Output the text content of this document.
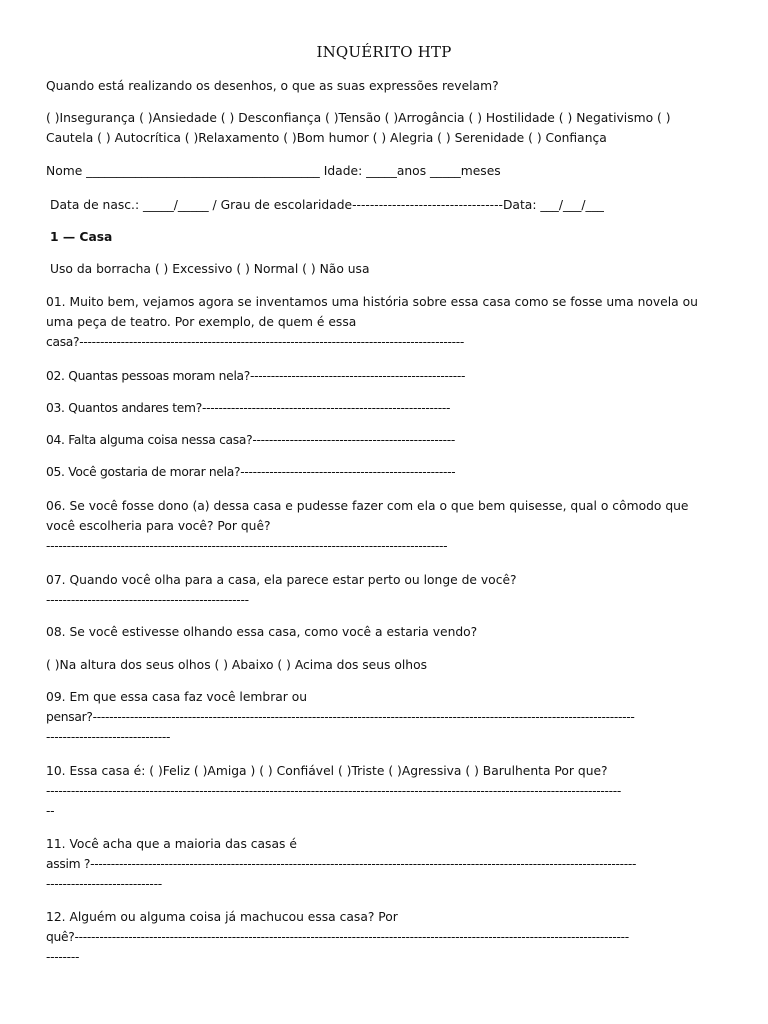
INQUÉRITO HTP
Quando está realizando os desenhos, o que as suas expressões revelam?
( )Insegurança ( )Ansiedade ( ) Desconfiança ( )Tensão ( )Arrogância ( ) Hostilidade ( ) Negativismo ( )
Cautela ( ) Autocrítica ( )Relaxamento ( )Bom humor ( ) Alegria ( ) Serenidade ( ) Confiança
Nome ______________________________________ Idade: _____anos _____meses
Data de nasc.: _____/_____ / Grau de escolaridade----------------------------------Data: ___/___/___
1 — Casa
Uso da borracha ( ) Excessivo ( ) Normal ( ) Não usa
01. Muito bem, vejamos agora se inventamos uma história sobre essa casa como se fosse uma novela ou
uma peça de teatro. Por exemplo, de quem é essa
casa?---------------------------------------------------------------------------------------------
02. Quantas pessoas moram nela?----------------------------------------------------
03. Quantos andares tem?------------------------------------------------------------
04. Falta alguma coisa nessa casa?-------------------------------------------------
05. Você gostaria de morar nela?----------------------------------------------------
06. Se você fosse dono (a) dessa casa e pudesse fazer com ela o que bem quisesse, qual o cômodo que
você escolheria para você? Por quê?
-------------------------------------------------------------------------------------------------
07. Quando você olha para a casa, ela parece estar perto ou longe de você?
-------------------------------------------------
08. Se você estivesse olhando essa casa, como você a estaria vendo?
( )Na altura dos seus olhos ( ) Abaixo ( ) Acima dos seus olhos
09. Em que essa casa faz você lembrar ou
pensar?-----------------------------------------------------------------------------------------------------------------------------------
------------------------------
10. Essa casa é: ( )Feliz ( )Amiga ) ( ) Confiável ( )Triste ( )Agressiva ( ) Barulhenta Por que?
-------------------------------------------------------------------------------------------------------------------------------------------
--
11. Você acha que a maioria das casas é
assim ?------------------------------------------------------------------------------------------------------------------------------------
----------------------------
12. Alguém ou alguma coisa já machucou essa casa? Por
quê?--------------------------------------------------------------------------------------------------------------------------------------
--------
